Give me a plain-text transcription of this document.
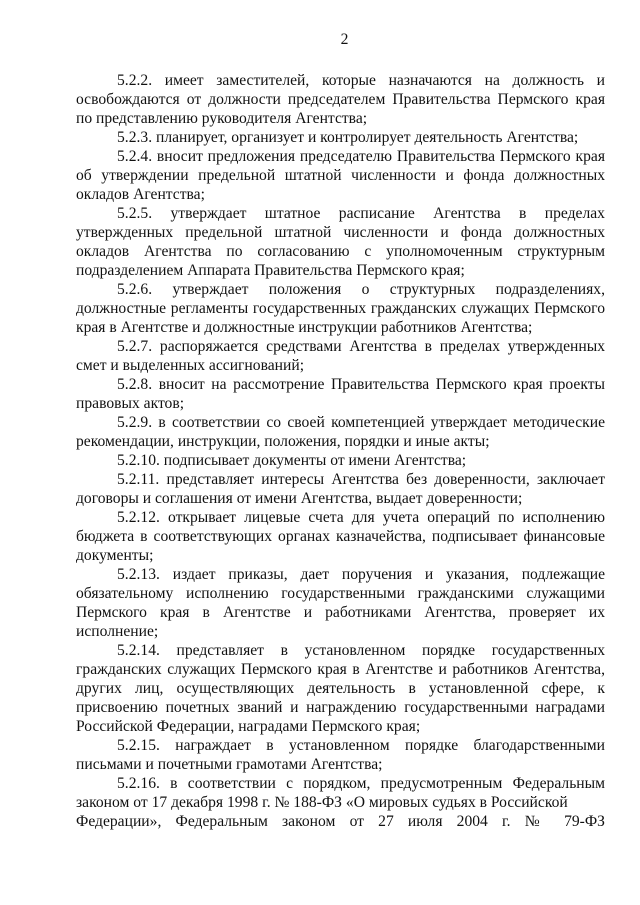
2

5.2.2. имеет заместителей, которые назначаются на должность и освобождаются от должности председателем Правительства Пермского края по представлению руководителя Агентства;

5.2.3. планирует, организует и контролирует деятельность Агентства;

5.2.4. вносит предложения председателю Правительства Пермского края об утверждении предельной штатной численности и фонда должностных окладов Агентства;

5.2.5. утверждает штатное расписание Агентства в пределах утвержденных предельной штатной численности и фонда должностных окладов Агентства по согласованию с уполномоченным структурным подразделением Аппарата Правительства Пермского края;

5.2.6. утверждает положения о структурных подразделениях, должностные регламенты государственных гражданских служащих Пермского края в Агентстве и должностные инструкции работников Агентства;

5.2.7. распоряжается средствами Агентства в пределах утвержденных смет и выделенных ассигнований;

5.2.8. вносит на рассмотрение Правительства Пермского края проекты правовых актов;

5.2.9. в соответствии со своей компетенцией утверждает методические рекомендации, инструкции, положения, порядки и иные акты;

5.2.10. подписывает документы от имени Агентства;

5.2.11. представляет интересы Агентства без доверенности, заключает договоры и соглашения от имени Агентства, выдает доверенности;

5.2.12. открывает лицевые счета для учета операций по исполнению бюджета в соответствующих органах казначейства, подписывает финансовые документы;

5.2.13. издает приказы, дает поручения и указания, подлежащие обязательному исполнению государственными гражданскими служащими Пермского края в Агентстве и работниками Агентства, проверяет их исполнение;

5.2.14. представляет в установленном порядке государственных гражданских служащих Пермского края в Агентстве и работников Агентства, других лиц, осуществляющих деятельность в установленной сфере, к присвоению почетных званий и награждению государственными наградами Российской Федерации, наградами Пермского края;

5.2.15. награждает в установленном порядке благодарственными письмами и почетными грамотами Агентства;

5.2.16. в соответствии с порядком, предусмотренным Федеральным законом от 17 декабря 1998 г. № 188-ФЗ «О мировых судьях в Российской
Федерации», Федеральным законом от 27 июля 2004 г. № 79-ФЗ
